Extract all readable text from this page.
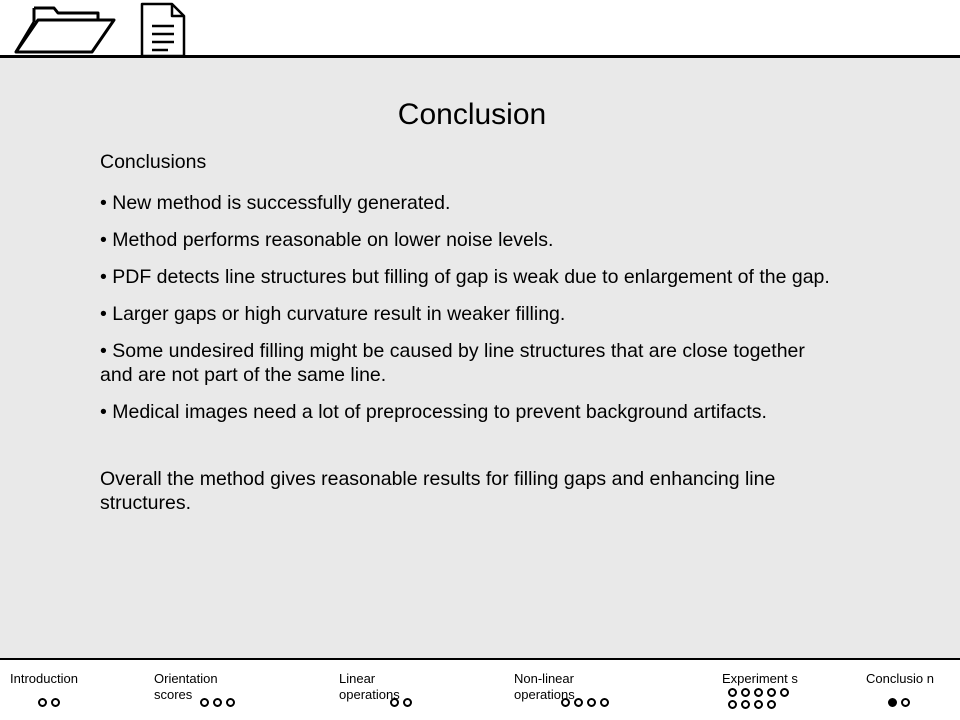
Conclusion

Conclusions

• New method is successfully generated.

• Method performs reasonable on lower noise levels.

• PDF detects line structures but filling of gap is weak due to enlargement of the gap.

• Larger gaps or high curvature result in weaker filling.

• Some undesired filling might be caused by line structures that are close together and are not part of the same line.

• Medical images need a lot of preprocessing to prevent background artifacts.

Overall the method gives reasonable results for filling gaps and enhancing line structures.

Introduction	Orientation scores
Linear operations
Non-linear operations
Experiment s	Conclusio n
